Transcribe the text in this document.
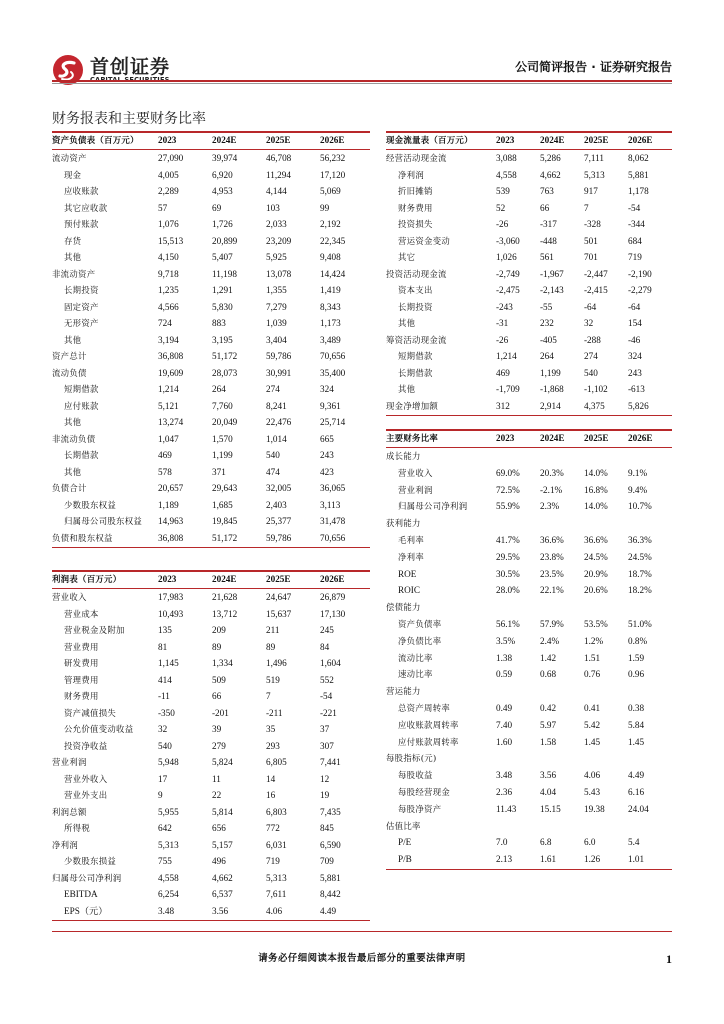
首创证券	公司简评报告 · 证券研究报告
财务报表和主要财务比率
资产负债表（百万元） 2023	2024E	2025E	2026E
流动资产	27,090	39,974	46,708	56,232
现金	4,005	6,920	11,294	17,120
应收账款	2,289	4,953	4,144	5,069
其它应收款	57	69	103	99
预付账款	1,076	1,726	2,033	2,192
存货	15,513	20,899	23,209	22,345
其他	4,150	5,407	5,925	9,408
非流动资产	9,718	11,198	13,078	14,424
长期投资	1,235	1,291	1,355	1,419
固定资产	4,566	5,830	7,279	8,343
无形资产	724	883	1,039	1,173
其他	3,194	3,195	3,404	3,489
资产总计	36,808	51,172	59,786	70,656
流动负债	19,609	28,073	30,991	35,400
短期借款	1,214	264	274	324
应付账款	5,121	7,760	8,241	9,361
其他	13,274	20,049	22,476	25,714
非流动负债	1,047	1,570	1,014	665
长期借款	469	1,199	540	243
其他	578	371	474	423
负债合计	20,657	29,643	32,005	36,065
少数股东权益	1,189	1,685	2,403	3,113
归属母公司股东权益 14,963	19,845	25,377	31,478
负债和股东权益	36,808	51,172	59,786	70,656
利润表（百万元）	2023	2024E	2025E	2026E
营业收入	17,983	21,628	24,647	26,879
营业成本	10,493	13,712	15,637	17,130
营业税金及附加	135	209	211	245
营业费用	81	89	89	84
研发费用	1,145	1,334	1,496	1,604
管理费用	414	509	519	552
财务费用	-11	66	7	-54
资产减值损失	-350	-201	-211	-221
公允价值变动收益	32	39	35	37
投资净收益	540	279	293	307
营业利润	5,948	5,824	6,805	7,441
营业外收入	17	11	14	12
营业外支出	9	22	16	19
利润总额	5,955	5,814	6,803	7,435
所得税	642	656	772	845
净利润	5,313	5,157	6,031	6,590
少数股东损益	755	496	719	709
归属母公司净利润	4,558	4,662	5,313	5,881
EBITDA	6,254	6,537	7,611	8,442
EPS（元）	3.48	3.56	4.06	4.49
现金流量表（百万元）	2023	2024E 2025E 2026E
经营活动现金流	3,088	5,286	7,111	8,062
净利润	4,558	4,662	5,313	5,881
折旧摊销	539	763	917	1,178
财务费用	52	66	7	-54
投资损失	-26	-317	-328	-344
营运资金变动	-3,060 -448	501	684
其它	1,026	561	701	719
投资活动现金流	-2,749 -1,967 -2,447 -2,190
资本支出	-2,475 -2,143 -2,415 -2,279
长期投资	-243	-55	-64	-64
其他	-31	232	32	154
筹资活动现金流	-26	-405	-288	-46
短期借款	1,214	264	274	324
长期借款	469	1,199	540	243
其他	-1,709 -1,868 -1,102 -613
现金净增加额	312	2,914	4,375	5,826
主要财务比率	2023	2024E 2025E 2026E
成长能力
营业收入	69.0% 20.3% 14.0% 9.1%
营业利润	72.5% -2.1% 16.8% 9.4%
归属母公司净利润	55.9% 2.3%	14.0% 10.7%
获利能力
毛利率	41.7% 36.6% 36.6% 36.3%
净利率	29.5% 23.8% 24.5% 24.5%
ROE	30.5% 23.5% 20.9% 18.7%
ROIC	28.0% 22.1% 20.6% 18.2%
偿债能力
资产负债率	56.1% 57.9% 53.5% 51.0%
净负债比率	3.5%	2.4%	1.2%	0.8%
流动比率	1.38	1.42	1.51	1.59
速动比率	0.59	0.68	0.76	0.96
营运能力
总资产周转率	0.49	0.42	0.41	0.38
应收账款周转率	7.40	5.97	5.42	5.84
应付账款周转率	1.60	1.58	1.45	1.45
每股指标(元)
每股收益	3.48	3.56	4.06	4.49
每股经营现金	2.36	4.04	5.43	6.16
每股净资产	11.43	15.15	19.38	24.04
估值比率
P/E	7.0	6.8	6.0	5.4
P/B	2.13	1.61	1.26	1.01
请务必仔细阅读本报告最后部分的重要法律声明	1
